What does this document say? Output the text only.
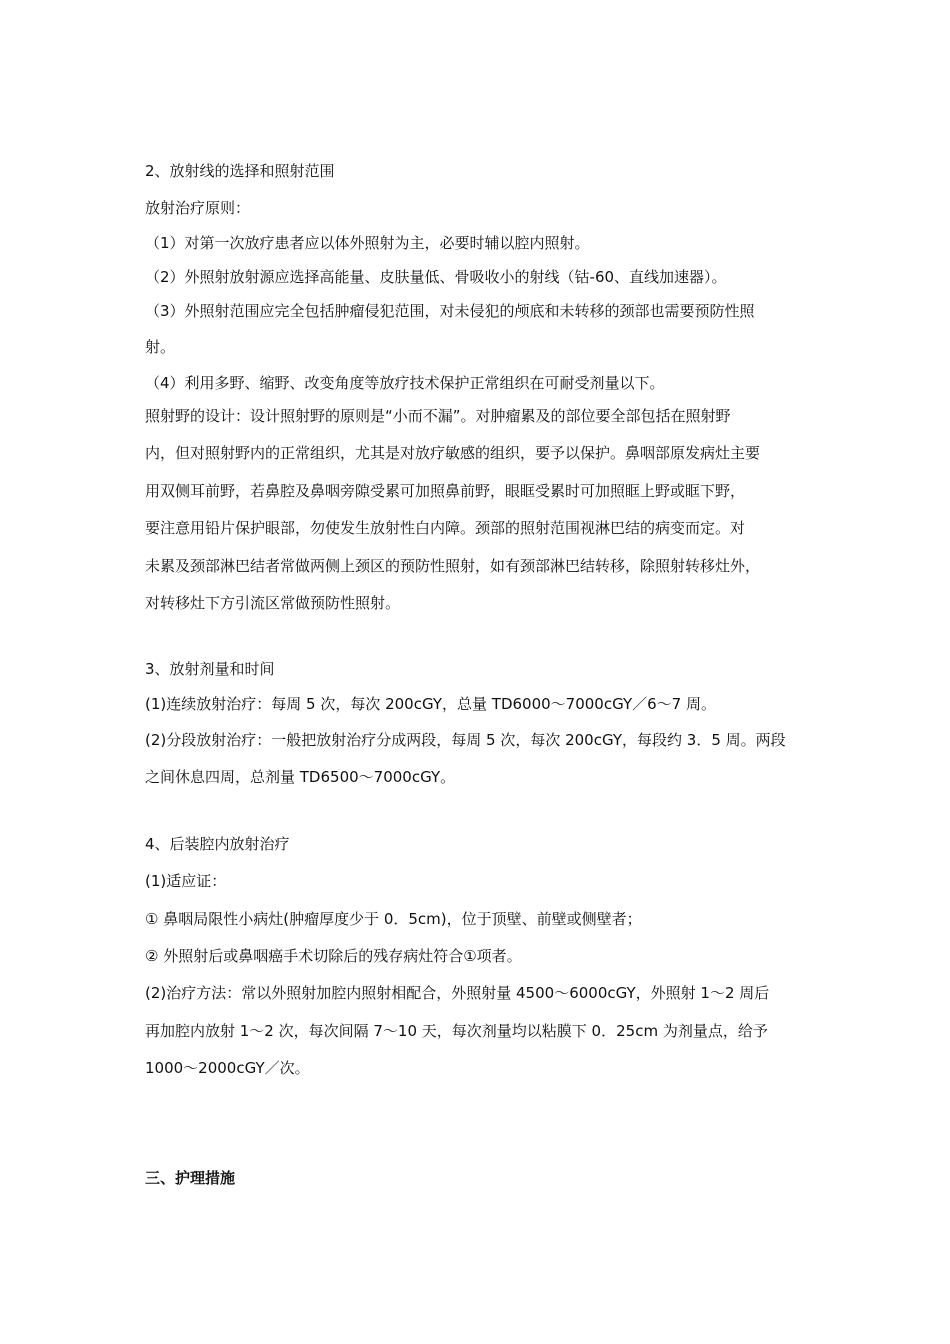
2、放射线的选择和照射范围
放射治疗原则：
（1）对第一次放疗患者应以体外照射为主，必要时辅以腔内照射。
（2）外照射放射源应选择高能量、皮肤量低、骨吸收小的射线（钴-60、直线加速器）。
（3）外照射范围应完全包括肿瘤侵犯范围，对未侵犯的颅底和未转移的颈部也需要预防性照
射。
（4）利用多野、缩野、改变角度等放疗技术保护正常组织在可耐受剂量以下。
照射野的设计：设计照射野的原则是“小而不漏”。对肿瘤累及的部位要全部包括在照射野
内，但对照射野内的正常组织，尤其是对放疗敏感的组织，要予以保护。鼻咽部原发病灶主要
用双侧耳前野，若鼻腔及鼻咽旁隙受累可加照鼻前野，眼眶受累时可加照眶上野或眶下野，
要注意用铅片保护眼部，勿使发生放射性白内障。颈部的照射范围视淋巴结的病变而定。对
未累及颈部淋巴结者常做两侧上颈区的预防性照射，如有颈部淋巴结转移，除照射转移灶外，
对转移灶下方引流区常做预防性照射。
3、放射剂量和时间
(1)连续放射治疗：每周 5 次，每次 200cGY，总量 TD6000～7000cGY／6～7 周。
(2)分段放射治疗：一般把放射治疗分成两段，每周 5 次，每次 200cGY，每段约 3．5 周。两段
之间休息四周，总剂量 TD6500～7000cGY。
4、后装腔内放射治疗
(1)适应证：
① 鼻咽局限性小病灶(肿瘤厚度少于 0．5cm)，位于顶壁、前壁或侧壁者；
② 外照射后或鼻咽癌手术切除后的残存病灶符合①项者。
(2)治疗方法：常以外照射加腔内照射相配合，外照射量 4500～6000cGY，外照射 1～2 周后
再加腔内放射 1～2 次，每次间隔 7～10 天，每次剂量均以粘膜下 0．25cm 为剂量点，给予
1000～2000cGY／次。
三、护理措施
